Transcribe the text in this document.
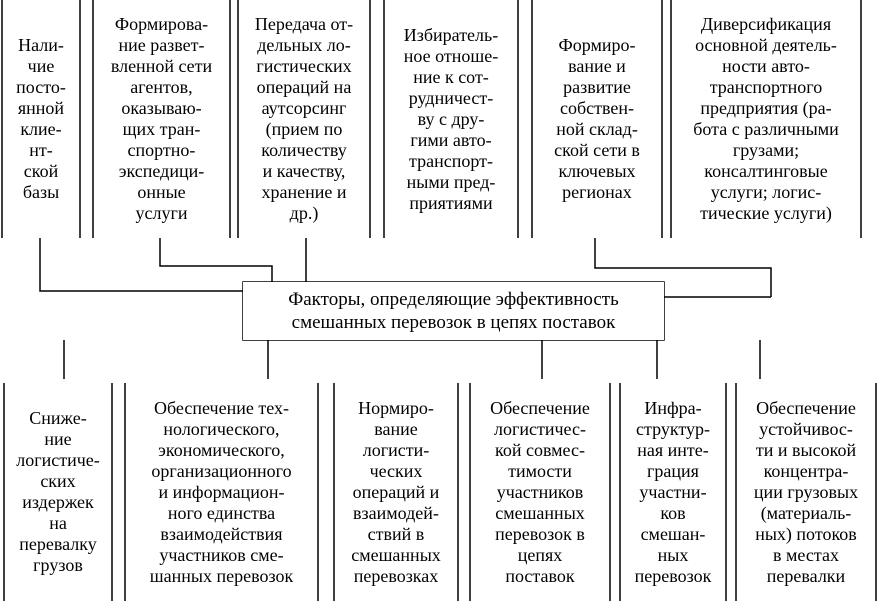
Нали-
чие
посто-
янной
клие-
нт-
ской
базы
Формирова-
ние развет-
вленной сети
агентов,
оказываю-
щих тран-
спортно-
экспедици-
онные
услуги
Передача от-
дельных ло-
гистических
операций на
аутсорсинг
(прием по
количеству
и качеству,
хранение и
др.)
Избиратель-
ное отноше-
ние к сот-
рудничест-
ву с дру-
гими авто-
транспорт-
ными пред-
приятиями
Формиро-
вание и
развитие
собствен-
ной склад-
ской сети в
ключевых
регионах
Диверсификация
основной деятель-
ности авто-
транспортного
предприятия (ра-
бота с различными
грузами;
консалтинговые
услуги; логис-
тические услуги)
Факторы, определяющие эффективность
смешанных перевозок в цепях поставок
Сниже-
ние
логистиче-
ских
издержек
на
перевалку
грузов
Обеспечение тех-
нологического,
экономического,
организационного
и информацион-
ного единства
взаимодействия
участников сме-
шанных перевозок
Нормиро-
вание
логисти-
ческих
операций и
взаимодей-
ствий в
смешанных
перевозках
Обеспечение
логистичес-
кой совмес-
тимости
участников
смешанных
перевозок в
цепях
поставок
Инфра-
структур-
ная инте-
грация
участни-
ков
смешан-
ных
перевозок
Обеспечение
устойчивос-
ти и высокой
концентра-
ции грузовых
(материаль-
ных) потоков
в местах
перевалки
